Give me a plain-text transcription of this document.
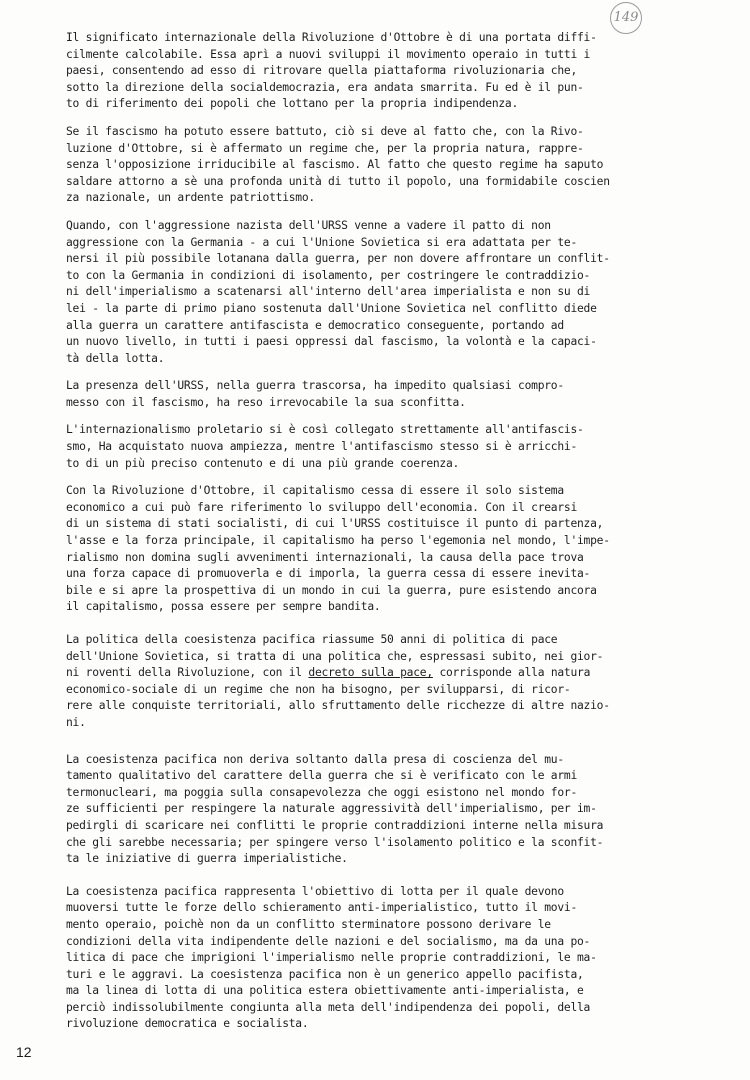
149
Il significato internazionale della Rivoluzione d'Ottobre è di una portata diffi-
cilmente calcolabile. Essa aprì a nuovi sviluppi il movimento operaio in tutti i
paesi, consentendo ad esso di ritrovare quella piattaforma rivoluzionaria che,
sotto la direzione della socialdemocrazia, era andata smarrita. Fu ed è il pun-
to di riferimento dei popoli che lottano per la propria indipendenza.
Se il fascismo ha potuto essere battuto, ciò si deve al fatto che, con la Rivo-
luzione d'Ottobre, si è affermato un regime che, per la propria natura, rappre-
senza l'opposizione irriducibile al fascismo. Al fatto che questo regime ha saputo
saldare attorno a sè una profonda unità di tutto il popolo, una formidabile coscien
za nazionale, un ardente patriottismo.
Quando, con l'aggressione nazista dell'URSS venne a vadere il patto di non
aggressione con la Germania - a cui l'Unione Sovietica si era adattata per te-
nersi il più possibile lotanana dalla guerra, per non dovere affrontare un conflit-
to con la Germania in condizioni di isolamento, per costringere le contraddizio-
ni dell'imperialismo a scatenarsi all'interno dell'area imperialista e non su di
lei - la parte di primo piano sostenuta dall'Unione Sovietica nel conflitto diede
alla guerra un carattere antifascista e democratico conseguente, portando ad
un nuovo livello, in tutti i paesi oppressi dal fascismo, la volontà e la capaci-
tà della lotta.
La presenza dell'URSS, nella guerra trascorsa, ha impedito qualsiasi compro-
messo con il fascismo, ha reso irrevocabile la sua sconfitta.
L'internazionalismo proletario si è così collegato strettamente all'antifascis-
smo, Ha acquistato nuova ampiezza, mentre l'antifascismo stesso si è arricchi-
to di un più preciso contenuto e di una più grande coerenza.
Con la Rivoluzione d'Ottobre, il capitalismo cessa di essere il solo sistema
economico a cui può fare riferimento lo sviluppo dell'economia. Con il crearsi
di un sistema di stati socialisti, di cui l'URSS costituisce il punto di partenza,
l'asse e la forza principale, il capitalismo ha perso l'egemonia nel mondo, l'impe-
rialismo non domina sugli avvenimenti internazionali, la causa della pace trova
una forza capace di promuoverla e di imporla, la guerra cessa di essere inevita-
bile e si apre la prospettiva di un mondo in cui la guerra, pure esistendo ancora
il capitalismo, possa essere per sempre bandita.
La politica della coesistenza pacifica riassume 50 anni di politica di pace
dell'Unione Sovietica, si tratta di una politica che, espressasi subito, nei gior-
ni roventi della Rivoluzione, con il decreto sulla pace, corrisponde alla natura
economico-sociale di un regime che non ha bisogno, per svilupparsi, di ricor-
rere alle conquiste territoriali, allo sfruttamento delle ricchezze di altre nazio-
ni.
La coesistenza pacifica non deriva soltanto dalla presa di coscienza del mu-
tamento qualitativo del carattere della guerra che si è verificato con le armi
termonucleari, ma poggia sulla consapevolezza che oggi esistono nel mondo for-
ze sufficienti per respingere la naturale aggressività dell'imperialismo, per im-
pedirgli di scaricare nei conflitti le proprie contraddizioni interne nella misura
che gli sarebbe necessaria; per spingere verso l'isolamento politico e la sconfit-
ta le iniziative di guerra imperialistiche.
La coesistenza pacifica rappresenta l'obiettivo di lotta per il quale devono
muoversi tutte le forze dello schieramento anti-imperialistico, tutto il movi-
mento operaio, poichè non da un conflitto sterminatore possono derivare le
condizioni della vita indipendente delle nazioni e del socialismo, ma da una po-
litica di pace che imprigioni l'imperialismo nelle proprie contraddizioni, le ma-
turi e le aggravi. La coesistenza pacifica non è un generico appello pacifista,
ma la linea di lotta di una politica estera obiettivamente anti-imperialista, e
perciò indissolubilmente congiunta alla meta dell'indipendenza dei popoli, della
rivoluzione democratica e socialista.
12
